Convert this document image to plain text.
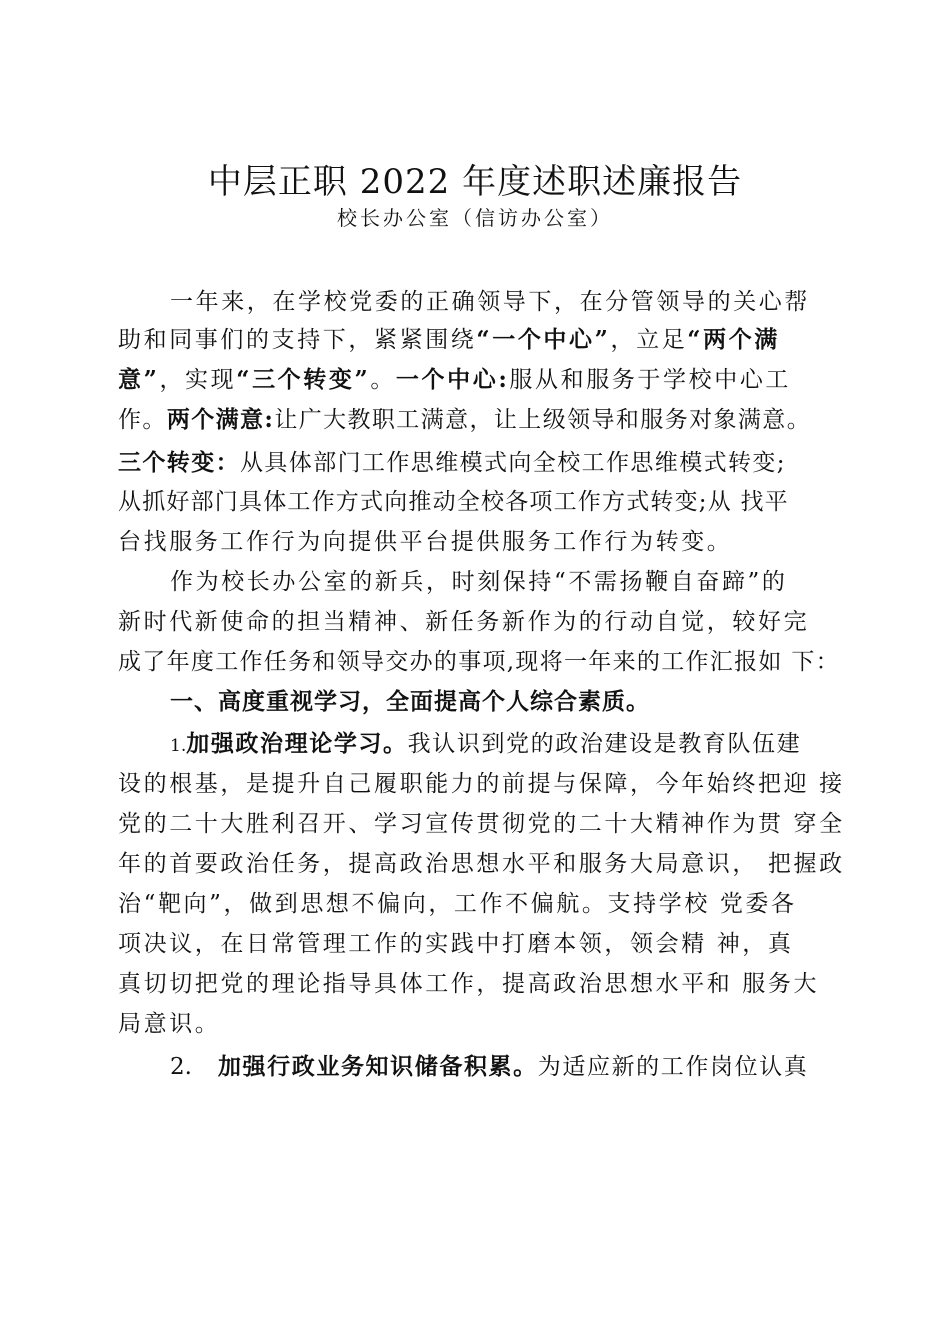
中层正职 2022 年度述职述廉报告
校长办公室（信访办公室）
一年来，在学校党委的正确领导下，在分管领导的关心帮
助和同事们的支持下，紧紧围绕“一个中心”，立足“两个满
意”，实现“三个转变”。一个中心:服从和服务于学校中心工
作。两个满意:让广大教职工满意，让上级领导和服务对象满意。
三个转变：从具体部门工作思维模式向全校工作思维模式转变;
从抓好部门具体工作方式向推动全校各项工作方式转变;从 找平
台找服务工作行为向提供平台提供服务工作行为转变。
作为校长办公室的新兵，时刻保持“不需扬鞭自奋蹄”的
新时代新使命的担当精神、新任务新作为的行动自觉，较好完
成了年度工作任务和领导交办的事项,现将一年来的工作汇报如 下：
一、高度重视学习，全面提高个人综合素质。
1.加强政治理论学习。我认识到党的政治建设是教育队伍建
设的根基，是提升自己履职能力的前提与保障，今年始终把迎 接
党的二十大胜利召开、学习宣传贯彻党的二十大精神作为贯 穿全
年的首要政治任务，提高政治思想水平和服务大局意识， 把握政
治“靶向”，做到思想不偏向，工作不偏航。支持学校 党委各
项决议，在日常管理工作的实践中打磨本领，领会精 神，真
真切切把党的理论指导具体工作，提高政治思想水平和 服务大
局意识。
2. 加强行政业务知识储备积累。为适应新的工作岗位认真
